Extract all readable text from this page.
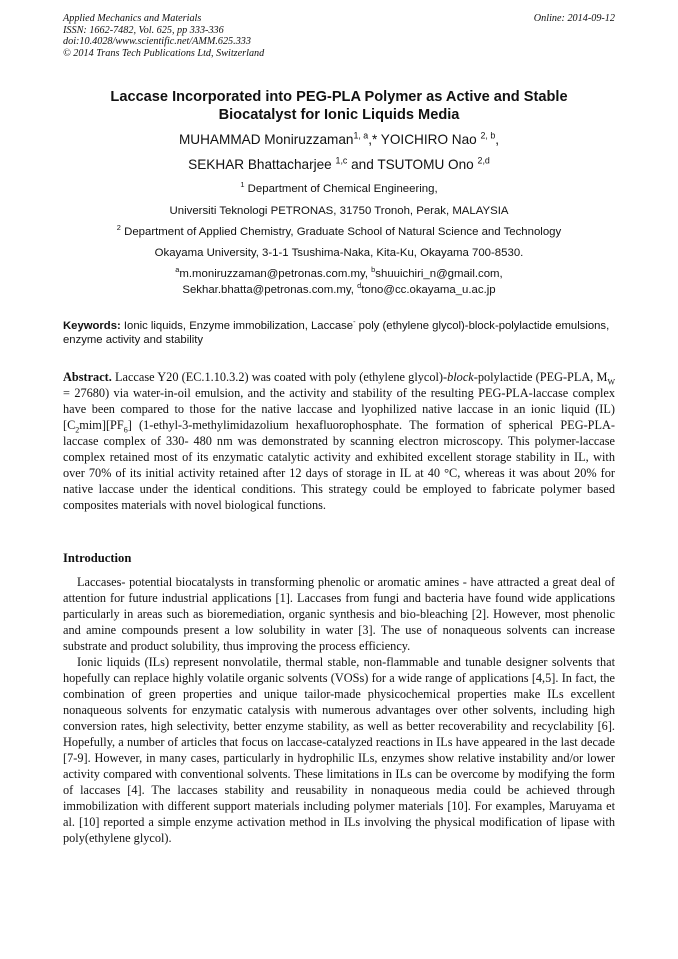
Applied Mechanics and Materials
ISSN: 1662-7482, Vol. 625, pp 333-336
doi:10.4028/www.scientific.net/AMM.625.333
© 2014 Trans Tech Publications Ltd, Switzerland
Online: 2014-09-12
Laccase Incorporated into PEG-PLA Polymer as Active and Stable
Biocatalyst for Ionic Liquids Media
MUHAMMAD Moniruzzaman$^{1, a}$,* YOICHIRO Nao $^{2, b}$,
SEKHAR Bhattacharjee $^{1,c}$ and TSUTOMU Ono $^{2,d}$
$^1$ Department of Chemical Engineering,
Universiti Teknologi PETRONAS, 31750 Tronoh, Perak, MALAYSIA
$^2$ Department of Applied Chemistry, Graduate School of Natural Science and Technology
Okayama University, 3-1-1 Tsushima-Naka, Kita-Ku, Okayama 700-8530.
$^a$m.moniruzzaman@petronas.com.my, $^b$shuuichiri_n@gmail.com,
Sekhar.bhatta@petronas.com.my, $^d$tono@cc.okayama_u.ac.jp
Keywords: Ionic liquids, Enzyme immobilization, Laccase- poly (ethylene glycol)-block-polylactide emulsions, enzyme activity and stability

Abstract. Laccase Y20 (EC.1.10.3.2) was coated with poly (ethylene glycol)-block-polylactide (PEG-PLA, $M_W = 27680$) via water-in-oil emulsion, and the activity and stability of the resulting PEG-PLA-laccase complex have been compared to those for the native laccase and lyophilized native laccase in an ionic liquid (IL) $[C_2mim][PF_6]$ (1-ethyl-3-methylimidazolium hexafluorophosphate. The formation of spherical PEG-PLA-laccase complex of 330- 480 nm was demonstrated by scanning electron microscopy. This polymer-laccase complex retained most of its enzymatic catalytic activity and exhibited excellent storage stability in IL, with over 70% of its initial activity retained after 12 days of storage in IL at 40 °C, whereas it was about 20% for native laccase under the identical conditions. This strategy could be employed to fabricate polymer based composites materials with novel biological functions.

Introduction

Laccases- potential biocatalysts in transforming phenolic or aromatic amines - have attracted a great deal of attention for future industrial applications [1]. Laccases from fungi and bacteria have found wide applications particularly in areas such as bioremediation, organic synthesis and bio-bleaching [2]. However, most phenolic and amine compounds present a low solubility in water [3]. The use of nonaqueous solvents can increase substrate and product solubility, thus improving the process efficiency.

Ionic liquids (ILs) represent nonvolatile, thermal stable, non-flammable and tunable designer solvents that hopefully can replace highly volatile organic solvents (VOSs) for a wide range of applications [4,5]. In fact, the combination of green properties and unique tailor-made physicochemical properties make ILs excellent nonaqueous solvents for enzymatic catalysis with numerous advantages over other solvents, including high conversion rates, high selectivity, better enzyme stability, as well as better recoverability and recyclability [6]. Hopefully, a number of articles that focus on laccase-catalyzed reactions in ILs have appeared in the last decade [7-9]. However, in many cases, particularly in hydrophilic ILs, enzymes show relative instability and/or lower activity compared with conventional solvents. These limitations in ILs can be overcome by modifying the form of laccases [4]. The laccases stability and reusability in nonaqueous media could be achieved through immobilization with different support materials including polymer materials [10]. For examples, Maruyama et al. [10] reported a simple enzyme activation method in ILs involving the physical modification of lipase with poly(ethylene glycol).
